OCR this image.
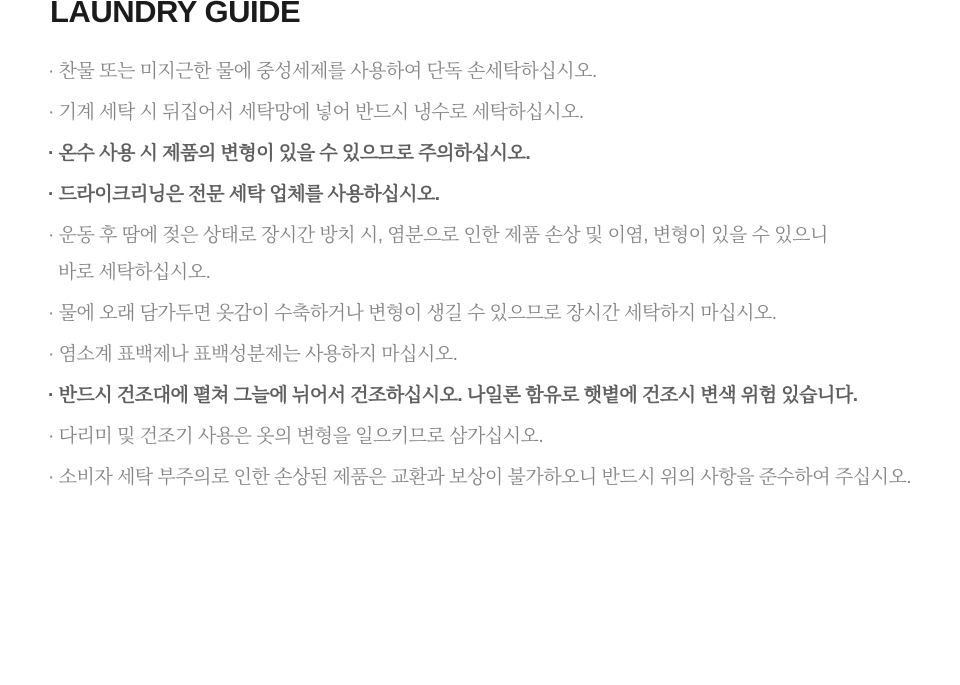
LAUNDRY GUIDE

· 찬물 또는 미지근한 물에 중성세제를 사용하여 단독 손세탁하십시오.

· 기계 세탁 시 뒤집어서 세탁망에 넣어 반드시 냉수로 세탁하십시오.

· 온수 사용 시 제품의 변형이 있을 수 있으므로 주의하십시오.

· 드라이크리닝은 전문 세탁 업체를 사용하십시오.

· 운동 후 땀에 젖은 상태로 장시간 방치 시, 염분으로 인한 제품 손상 및 이염, 변형이 있을 수 있으니
바로 세탁하십시오.

· 물에 오래 담가두면 옷감이 수축하거나 변형이 생길 수 있으므로 장시간 세탁하지 마십시오.

· 염소계 표백제나 표백성분제는 사용하지 마십시오.

· 반드시 건조대에 펼쳐 그늘에 뉘어서 건조하십시오. 나일론 함유로 햇볕에 건조시 변색 위험 있습니다.

· 다리미 및 건조기 사용은 옷의 변형을 일으키므로 삼가십시오.

· 소비자 세탁 부주의로 인한 손상된 제품은 교환과 보상이 불가하오니 반드시 위의 사항을 준수하여 주십시오.
